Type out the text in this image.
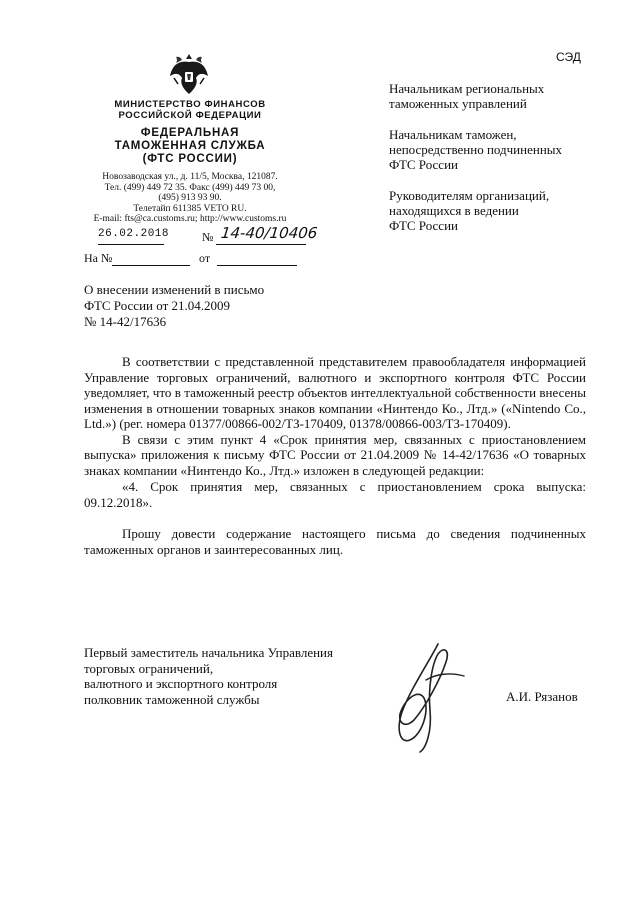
СЭД
МИНИСТЕРСТВО ФИНАНСОВ
РОССИЙСКОЙ ФЕДЕРАЦИИ
ФЕДЕРАЛЬНАЯ
ТАМОЖЕННАЯ СЛУЖБА
(ФТС РОССИИ)
Новозаводская ул., д. 11/5, Москва, 121087.
Тел. (499) 449 72 35. Факс (499) 449 73 00,
(495) 913 93 90.
Телетайп 611385 VETO RU.
E-mail: fts@ca.customs.ru; http://www.customs.ru
26.02.2018	№ 14-40/10406
На №	от
Начальникам региональных
таможенных управлений
Начальникам таможен,
непосредственно подчиненных
ФТС России
Руководителям организаций,
находящихся в ведении
ФТС России
О внесении изменений в письмо
ФТС России от 21.04.2009
№ 14-42/17636

В соответствии с представленной представителем правообладателя информацией Управление торговых ограничений, валютного и экспортного контроля ФТС России уведомляет, что в таможенный реестр объектов интеллектуальной собственности внесены изменения в отношении товарных знаков компании «Нинтендо Ко., Лтд.» («Nintendo Co., Ltd.») (рег. номера 01377/00866-002/ТЗ-170409, 01378/00866-003/ТЗ-170409).

В связи с этим пункт 4 «Срок принятия мер, связанных с приостановлением выпуска» приложения к письму ФТС России от 21.04.2009 № 14-42/17636 «О товарных знаках компании «Нинтендо Ко., Лтд.» изложен в следующей редакции:

«4. Срок принятия мер, связанных с приостановлением срока выпуска: 09.12.2018».

Прошу довести содержание настоящего письма до сведения подчиненных таможенных органов и заинтересованных лиц.

Первый заместитель начальника Управления
торговых ограничений,
валютного и экспортного контроля
полковник таможенной службы	А.И. Рязанов
